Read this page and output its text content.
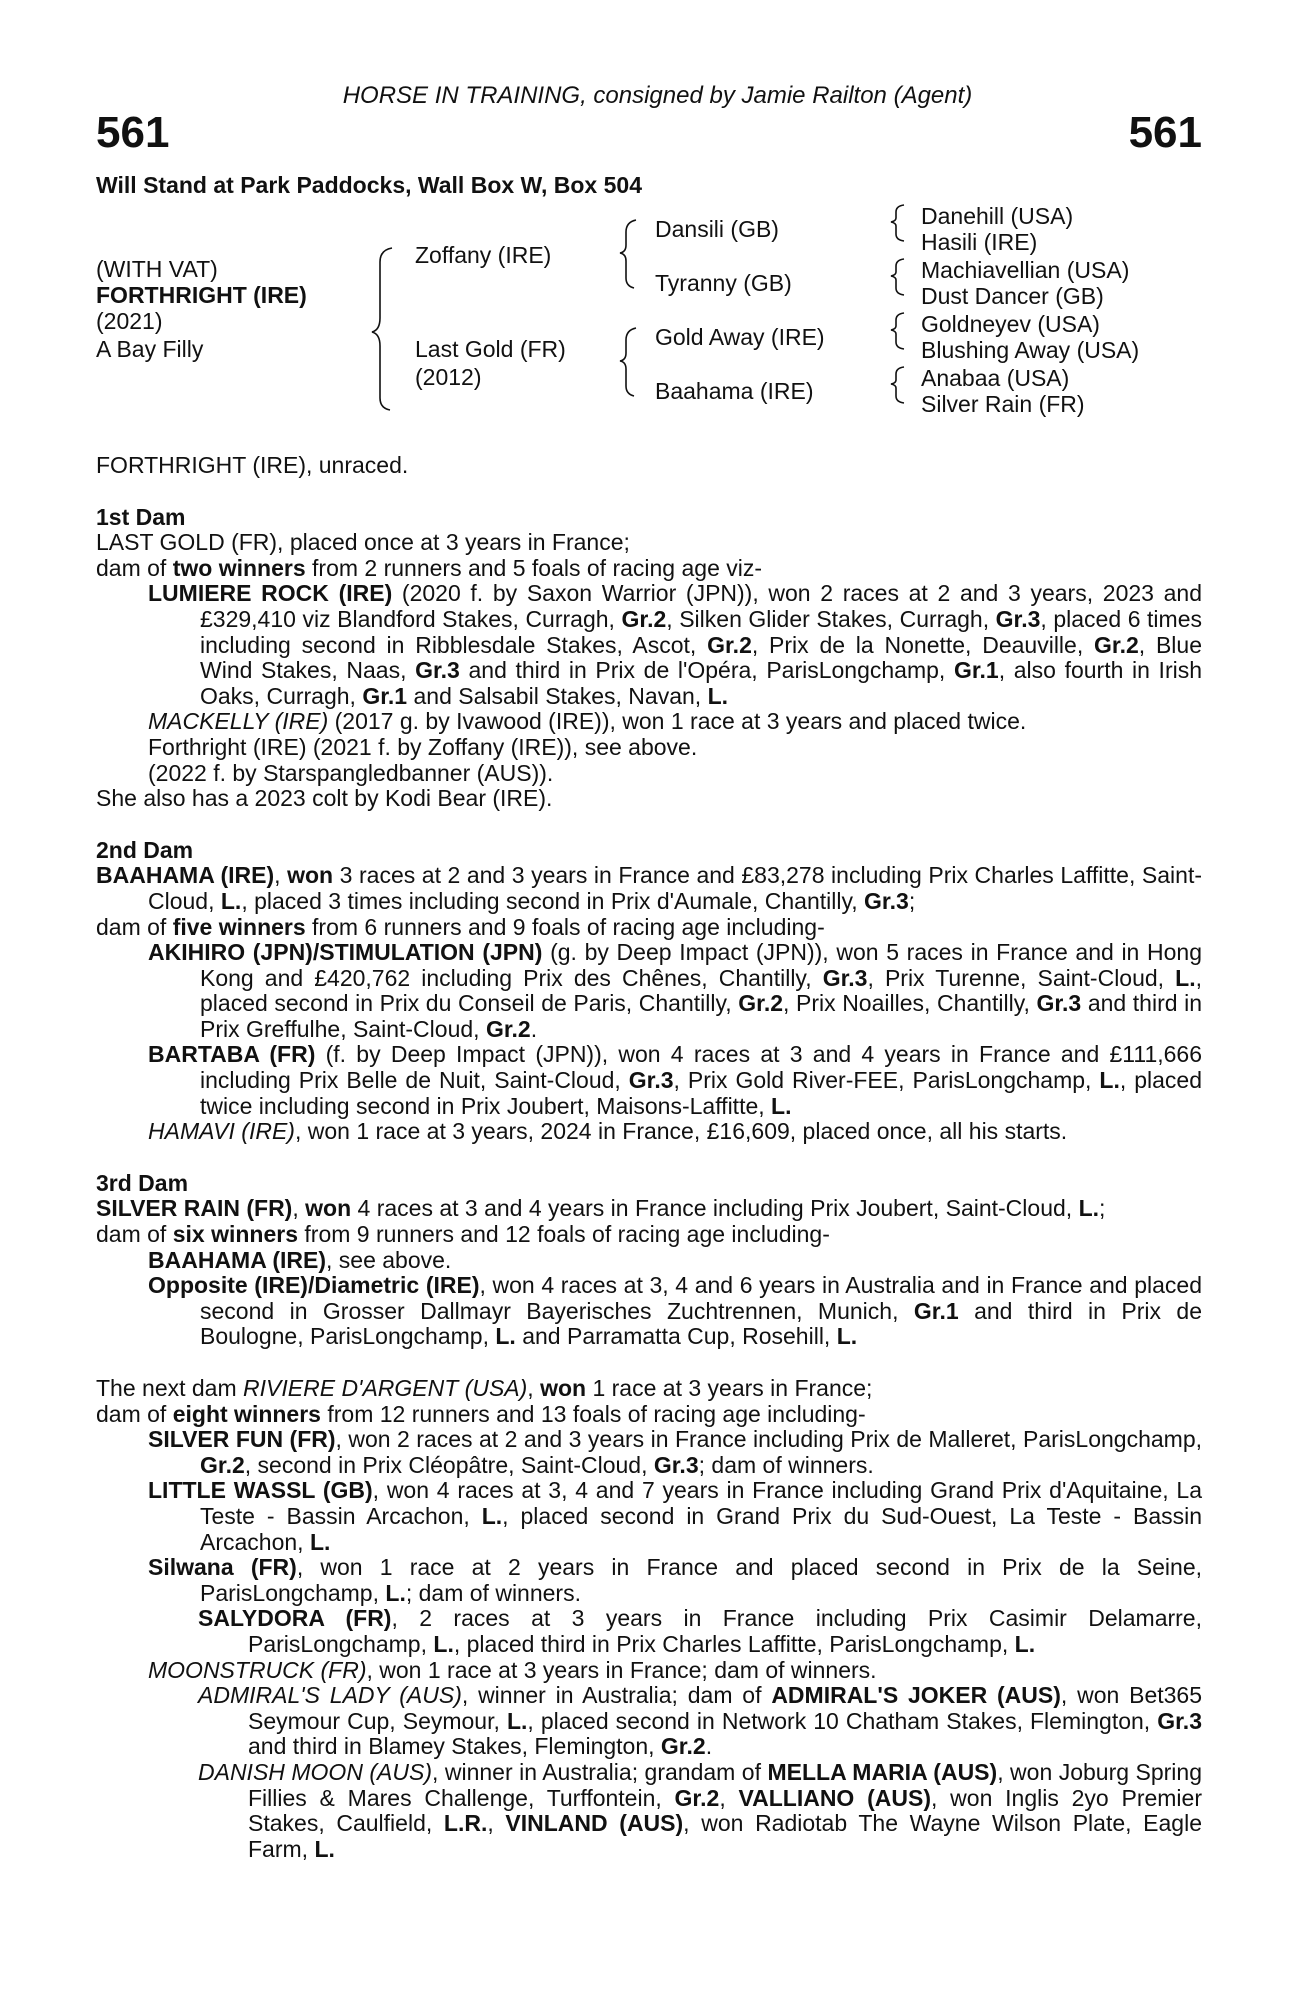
HORSE IN TRAINING, consigned by Jamie Railton (Agent)
561	561
Will Stand at Park Paddocks, Wall Box W, Box 504
(WITH VAT)
FORTHRIGHT (IRE)
(2021)
A Bay Filly
Zoffany (IRE)
Last Gold (FR)
(2012)
Dansili (GB)
Tyranny (GB)
Gold Away (IRE)
Baahama (IRE)
Danehill (USA)
Hasili (IRE)
Machiavellian (USA)
Dust Dancer (GB)
Goldneyev (USA)
Blushing Away (USA)
Anabaa (USA)
Silver Rain (FR)

FORTHRIGHT (IRE), unraced.

1st Dam

LAST GOLD (FR), placed once at 3 years in France;

dam of two winners from 2 runners and 5 foals of racing age viz-

LUMIERE ROCK (IRE) (2020 f. by Saxon Warrior (JPN)), won 2 races at 2 and 3 years, 2023 and £329,410 viz Blandford Stakes, Curragh, Gr.2, Silken Glider Stakes, Curragh, Gr.3, placed 6 times including second in Ribblesdale Stakes, Ascot, Gr.2, Prix de la Nonette, Deauville, Gr.2, Blue Wind Stakes, Naas, Gr.3 and third in Prix de l'Opéra, ParisLongchamp, Gr.1, also fourth in Irish Oaks, Curragh, Gr.1 and Salsabil Stakes, Navan, L.

MACKELLY (IRE) (2017 g. by Ivawood (IRE)), won 1 race at 3 years and placed twice.

Forthright (IRE) (2021 f. by Zoffany (IRE)), see above.

(2022 f. by Starspangledbanner (AUS)).

She also has a 2023 colt by Kodi Bear (IRE).

2nd Dam

BAAHAMA (IRE), won 3 races at 2 and 3 years in France and £83,278 including Prix Charles Laffitte, Saint-Cloud, L., placed 3 times including second in Prix d'Aumale, Chantilly, Gr.3;

dam of five winners from 6 runners and 9 foals of racing age including-

AKIHIRO (JPN)/STIMULATION (JPN) (g. by Deep Impact (JPN)), won 5 races in France and in Hong Kong and £420,762 including Prix des Chênes, Chantilly, Gr.3, Prix Turenne, Saint-Cloud, L., placed second in Prix du Conseil de Paris, Chantilly, Gr.2, Prix Noailles, Chantilly, Gr.3 and third in Prix Greffulhe, Saint-Cloud, Gr.2.

BARTABA (FR) (f. by Deep Impact (JPN)), won 4 races at 3 and 4 years in France and £111,666 including Prix Belle de Nuit, Saint-Cloud, Gr.3, Prix Gold River-FEE, ParisLongchamp, L., placed twice including second in Prix Joubert, Maisons-Laffitte, L.

HAMAVI (IRE), won 1 race at 3 years, 2024 in France, £16,609, placed once, all his starts.

3rd Dam

SILVER RAIN (FR), won 4 races at 3 and 4 years in France including Prix Joubert, Saint-Cloud, L.;

dam of six winners from 9 runners and 12 foals of racing age including-

BAAHAMA (IRE), see above.

Opposite (IRE)/Diametric (IRE), won 4 races at 3, 4 and 6 years in Australia and in France and placed second in Grosser Dallmayr Bayerisches Zuchtrennen, Munich, Gr.1 and third in Prix de Boulogne, ParisLongchamp, L. and Parramatta Cup, Rosehill, L.

The next dam RIVIERE D'ARGENT (USA), won 1 race at 3 years in France;

dam of eight winners from 12 runners and 13 foals of racing age including-

SILVER FUN (FR), won 2 races at 2 and 3 years in France including Prix de Malleret, ParisLongchamp, Gr.2, second in Prix Cléopâtre, Saint-Cloud, Gr.3; dam of winners.

LITTLE WASSL (GB), won 4 races at 3, 4 and 7 years in France including Grand Prix d'Aquitaine, La Teste - Bassin Arcachon, L., placed second in Grand Prix du Sud-Ouest, La Teste - Bassin Arcachon, L.

Silwana (FR), won 1 race at 2 years in France and placed second in Prix de la Seine, ParisLongchamp, L.; dam of winners.

SALYDORA (FR), 2 races at 3 years in France including Prix Casimir Delamarre, ParisLongchamp, L., placed third in Prix Charles Laffitte, ParisLongchamp, L.

MOONSTRUCK (FR), won 1 race at 3 years in France; dam of winners.

ADMIRAL'S LADY (AUS), winner in Australia; dam of ADMIRAL'S JOKER (AUS), won Bet365 Seymour Cup, Seymour, L., placed second in Network 10 Chatham Stakes, Flemington, Gr.3 and third in Blamey Stakes, Flemington, Gr.2.

DANISH MOON (AUS), winner in Australia; grandam of MELLA MARIA (AUS), won Joburg Spring Fillies & Mares Challenge, Turffontein, Gr.2, VALLIANO (AUS), won Inglis 2yo Premier Stakes, Caulfield, L.R., VINLAND (AUS), won Radiotab The Wayne Wilson Plate, Eagle Farm, L.
